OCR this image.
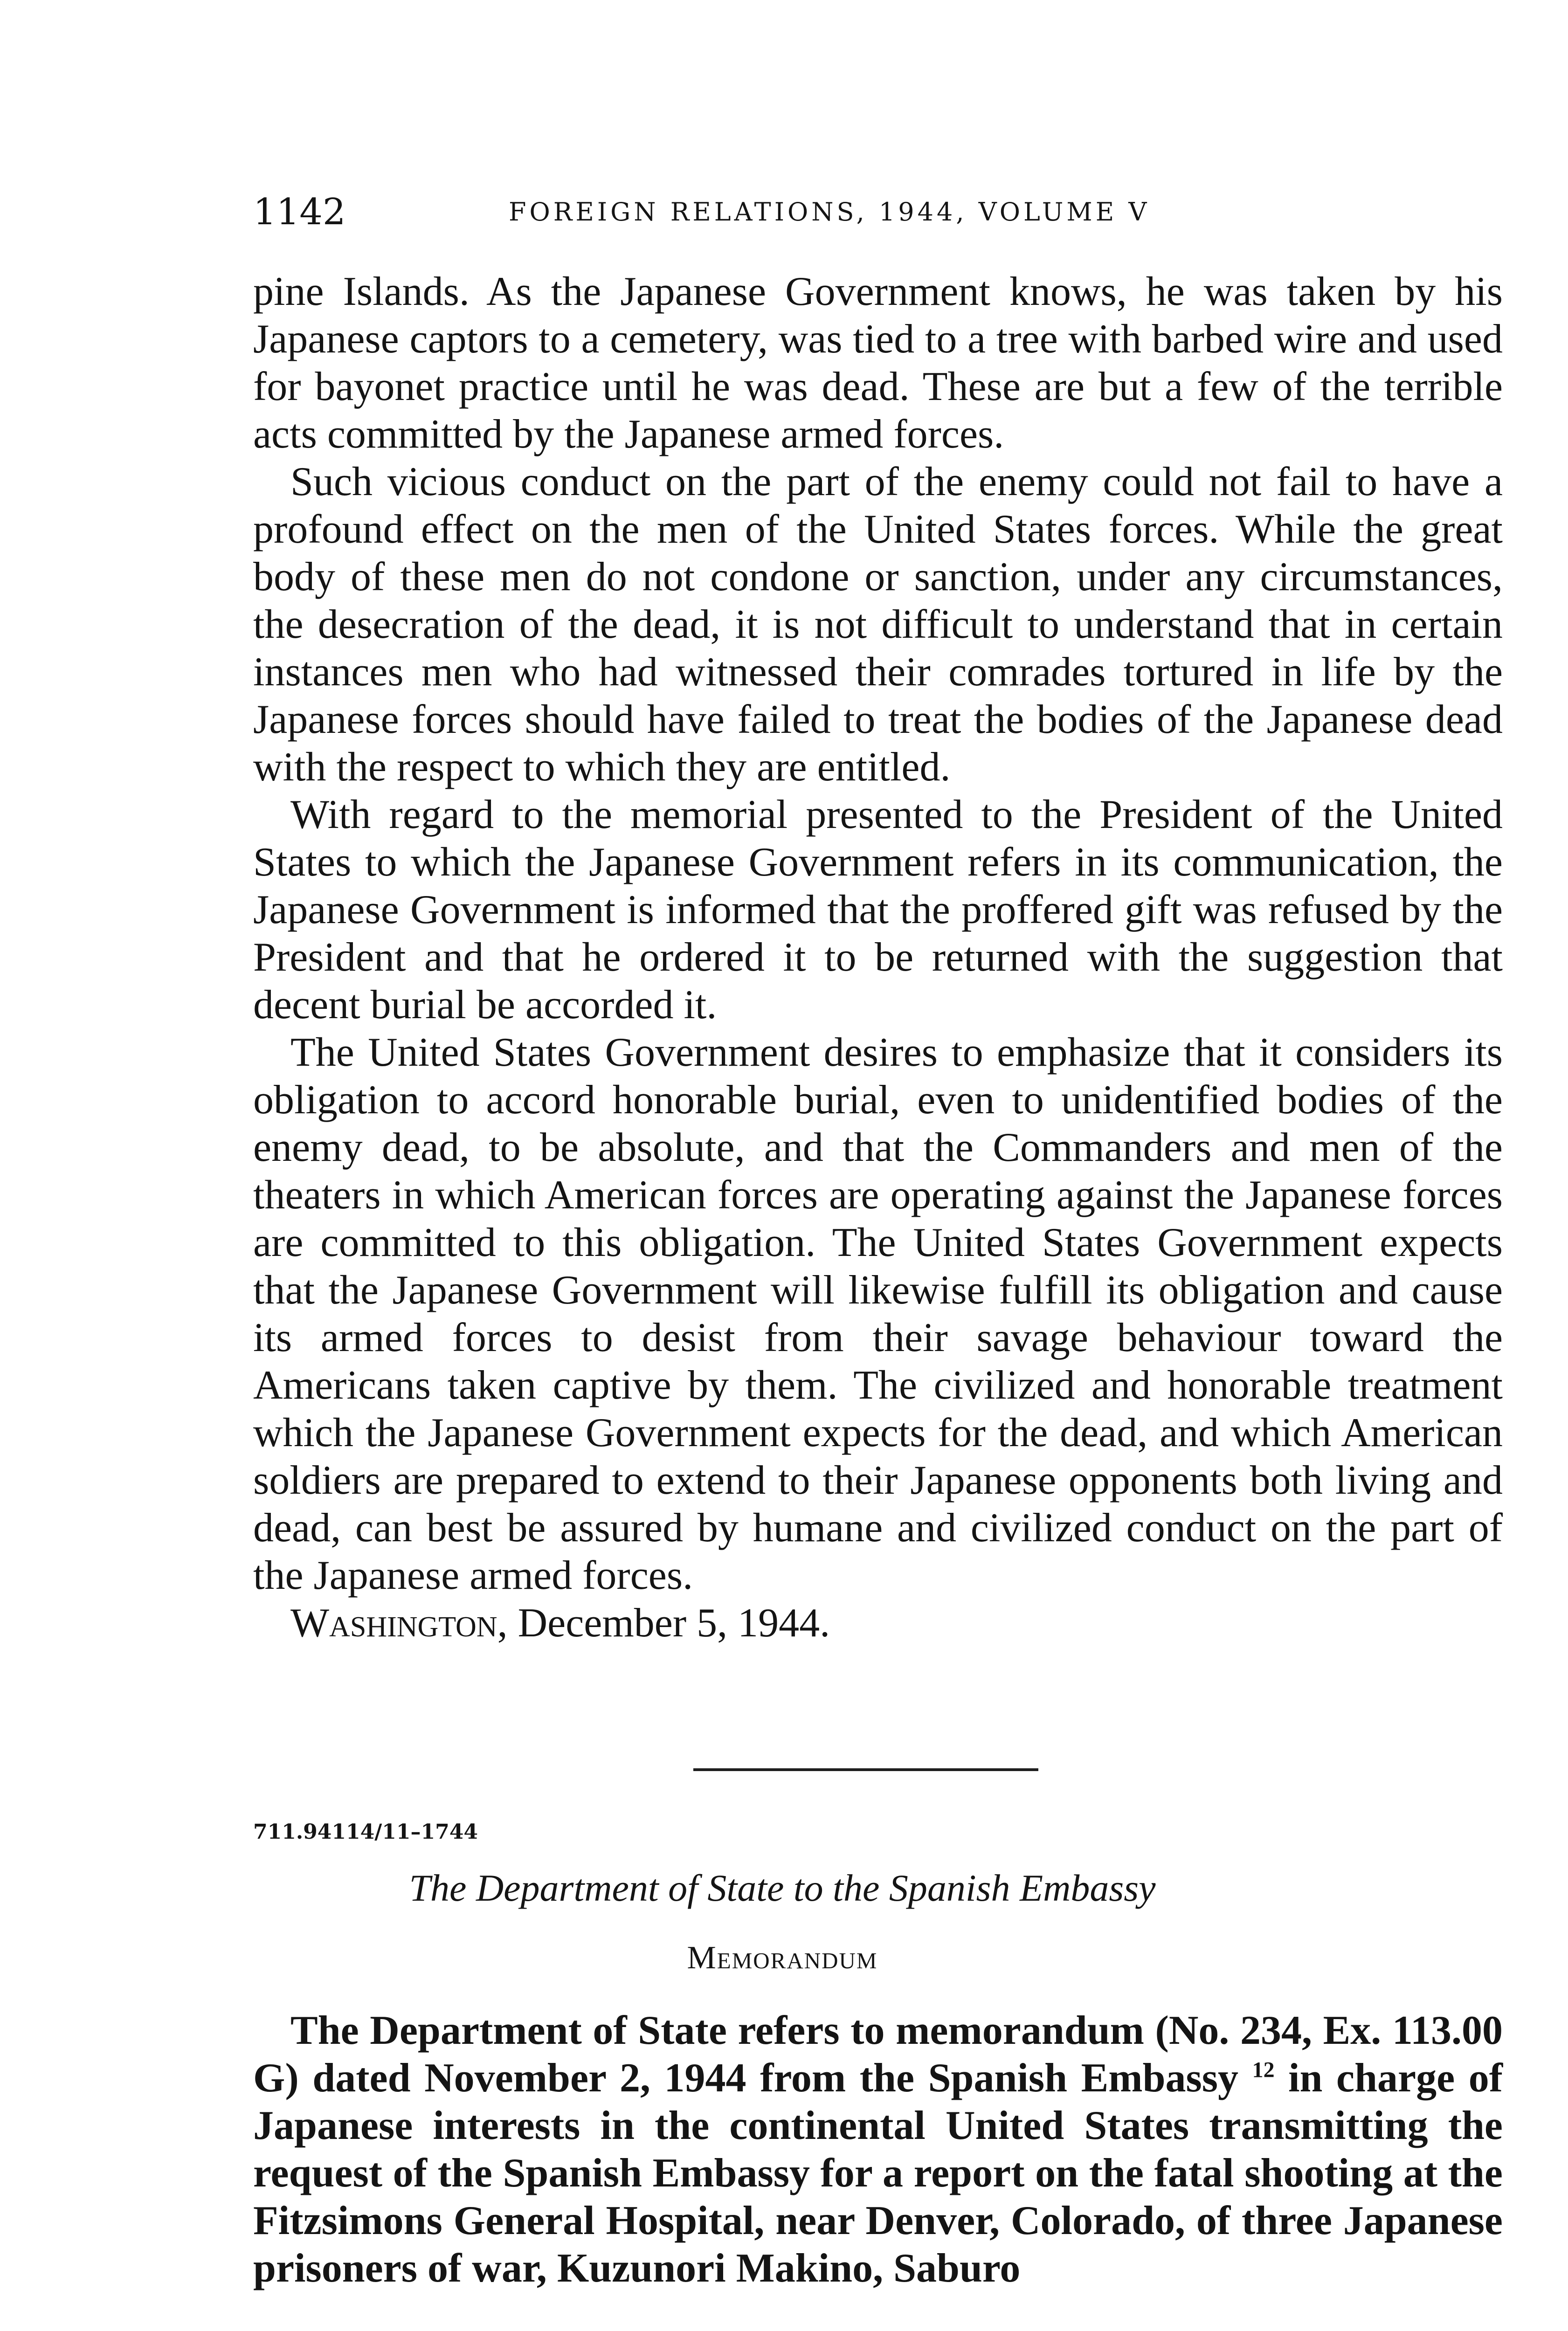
1142	FOREIGN RELATIONS, 1944, VOLUME V

pine Islands. As the Japanese Government knows, he was taken by his Japanese captors to a cemetery, was tied to a tree with barbed wire and used for bayonet practice until he was dead. These are but a few of the terrible acts committed by the Japanese armed forces.

Such vicious conduct on the part of the enemy could not fail to have a profound effect on the men of the United States forces. While the great body of these men do not condone or sanction, under any circumstances, the desecration of the dead, it is not difficult to understand that in certain instances men who had witnessed their comrades tortured in life by the Japanese forces should have failed to treat the bodies of the Japanese dead with the respect to which they are entitled.

With regard to the memorial presented to the President of the United States to which the Japanese Government refers in its communication, the Japanese Government is informed that the proffered gift was refused by the President and that he ordered it to be returned with the suggestion that decent burial be accorded it.

The United States Government desires to emphasize that it considers its obligation to accord honorable burial, even to unidentified bodies of the enemy dead, to be absolute, and that the Commanders and men of the theaters in which American forces are operating against the Japanese forces are committed to this obligation. The United States Government expects that the Japanese Government will likewise fulfill its obligation and cause its armed forces to desist from their savage behaviour toward the Americans taken captive by them. The civilized and honorable treatment which the Japanese Government expects for the dead, and which American soldiers are prepared to extend to their Japanese opponents both living and dead, can best be assured by humane and civilized conduct on the part of the Japanese armed forces.

Washington, December 5, 1944.

711.94114/11–1744
The Department of State to the Spanish Embassy
Memorandum

The Department of State refers to memorandum (No. 234, Ex. 113.00 G) dated November 2, 1944 from the Spanish Embassy $^{12}$ in charge of Japanese interests in the continental United States transmitting the request of the Spanish Embassy for a report on the fatal shooting at the Fitzsimons General Hospital, near Denver, Colorado, of three Japanese prisoners of war, Kuzunori Makino, Saburo
